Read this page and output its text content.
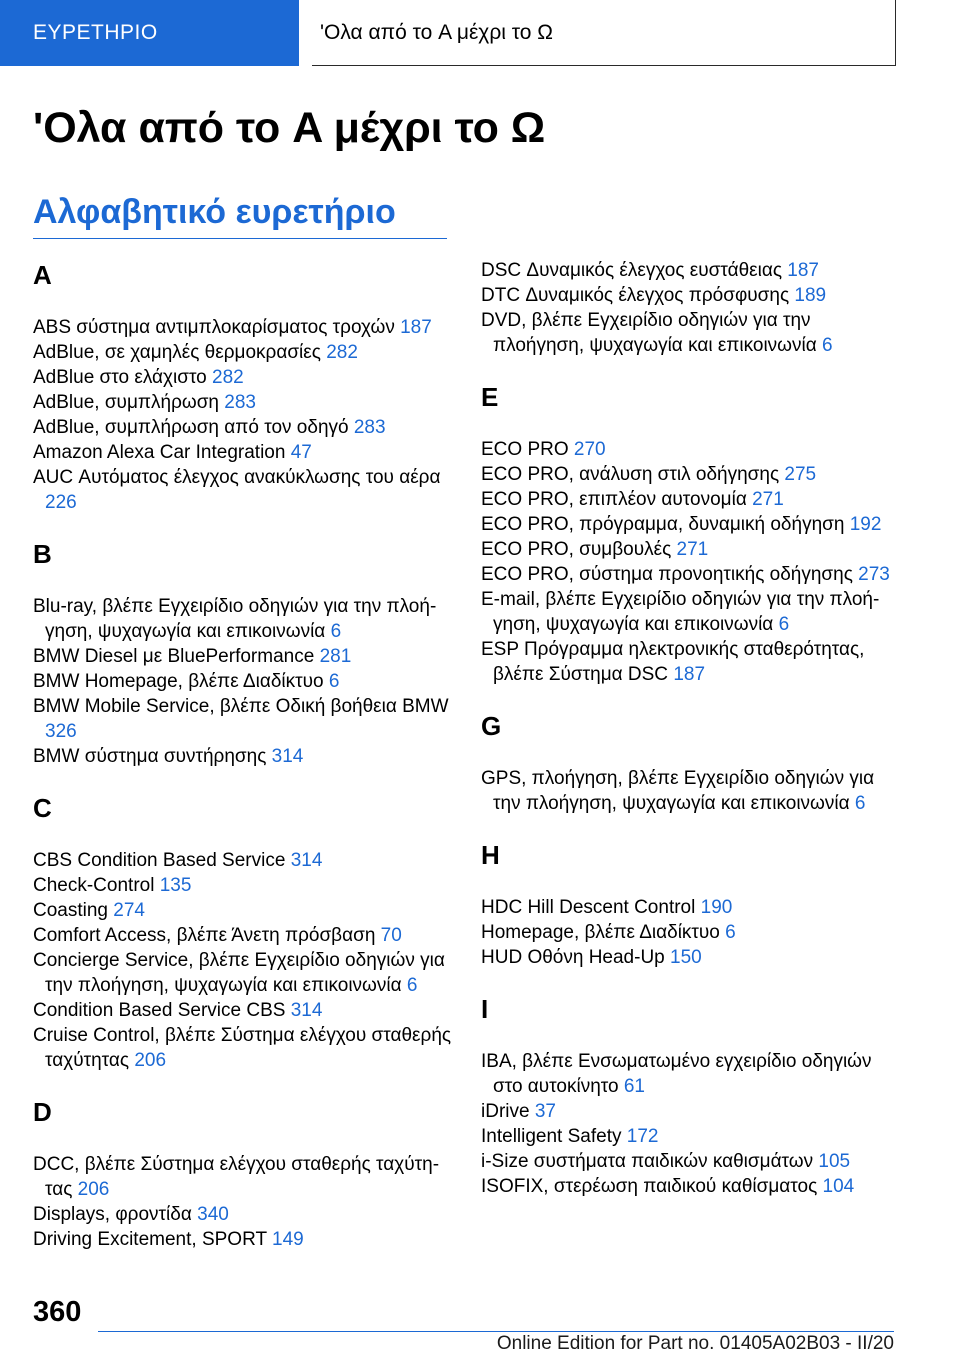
ΕΥΡΕΤΗΡΙΟ	'Ολα από το A μέχρι το Ω
'Ολα από το A μέχρι το Ω
Αλφαβητικό ευρετήριο
A
ABS σύστημα αντιμπλοκαρίσματος τροχών 187
AdBlue, σε χαμηλές θερμοκρασίες 282
AdBlue στο ελάχιστο 282
AdBlue, συμπλήρωση 283
AdBlue, συμπλήρωση από τον οδηγό 283
Amazon Alexa Car Integration 47
AUC Αυτόματος έλεγχος ανακύκλωσης του αέρα 226
B
Blu-ray, βλέπε Εγχειρίδιο οδηγιών για την πλοήγηση, ψυχαγωγία και επικοινωνία 6
BMW Diesel με BluePerformance 281
BMW Homepage, βλέπε Διαδίκτυο 6
BMW Mobile Service, βλέπε Οδική βοήθεια BMW 326
BMW σύστημα συντήρησης 314
C
CBS Condition Based Service 314
Check-Control 135
Coasting 274
Comfort Access, βλέπε Άνετη πρόσβαση 70
Concierge Service, βλέπε Εγχειρίδιο οδηγιών για την πλοήγηση, ψυχαγωγία και επικοινωνία 6
Condition Based Service CBS 314
Cruise Control, βλέπε Σύστημα ελέγχου σταθερής ταχύτητας 206
D
DCC, βλέπε Σύστημα ελέγχου σταθερής ταχύτητας 206
Displays, φροντίδα 340
Driving Excitement, SPORT 149
DSC Δυναμικός έλεγχος ευστάθειας 187
DTC Δυναμικός έλεγχος πρόσφυσης 189
DVD, βλέπε Εγχειρίδιο οδηγιών για την πλοήγηση, ψυχαγωγία και επικοινωνία 6
E
ECO PRO 270
ECO PRO, ανάλυση στιλ οδήγησης 275
ECO PRO, επιπλέον αυτονομία 271
ECO PRO, πρόγραμμα, δυναμική οδήγηση 192
ECO PRO, συμβουλές 271
ECO PRO, σύστημα προνοητικής οδήγησης 273
E-mail, βλέπε Εγχειρίδιο οδηγιών για την πλοήγηση, ψυχαγωγία και επικοινωνία 6
ESP Πρόγραμμα ηλεκτρονικής σταθερότητας, βλέπε Σύστημα DSC 187
G
GPS, πλοήγηση, βλέπε Εγχειρίδιο οδηγιών για την πλοήγηση, ψυχαγωγία και επικοινωνία 6
H
HDC Hill Descent Control 190
Homepage, βλέπε Διαδίκτυο 6
HUD Οθόνη Head-Up 150
I
IBA, βλέπε Ενσωματωμένο εγχειρίδιο οδηγιών στο αυτοκίνητο 61
iDrive 37
Intelligent Safety 172
i-Size συστήματα παιδικών καθισμάτων 105
ISOFIX, στερέωση παιδικού καθίσματος 104
360
Online Edition for Part no. 01405A02B03 - II/20
